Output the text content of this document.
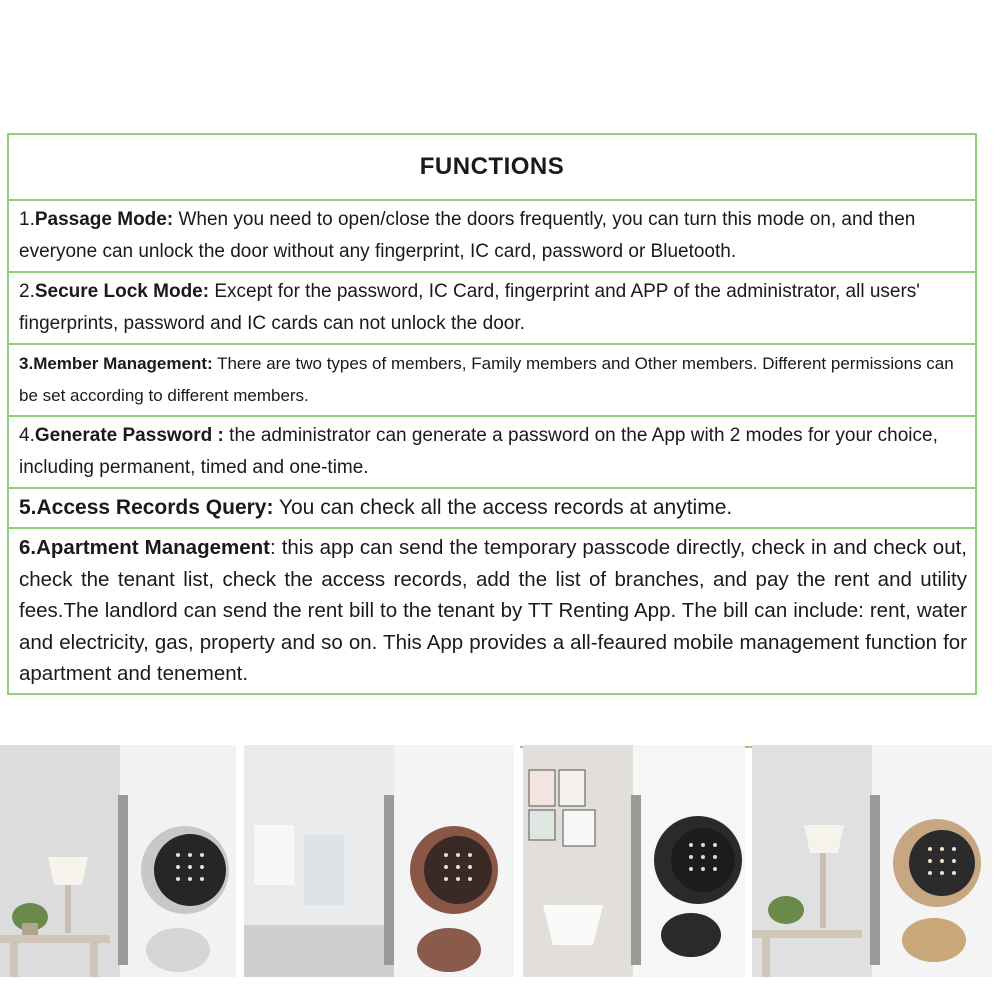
FUNCTIONS
1.Passage Mode: When you need to open/close the doors frequently, you can turn this mode on, and then everyone can unlock the door without any fingerprint, IC card, password or Bluetooth.
2.Secure Lock Mode: Except for the password, IC Card, fingerprint and APP of the administrator, all users' fingerprints, password and IC cards can not unlock the door.
3.Member Management: There are two types of members, Family members and Other members. Different permissions can be set according to different members.
4.Generate Password : the administrator can generate a password on the App with 2 modes for your choice, including permanent, timed and one-time.
5.Access Records Query: You can check all the access records at anytime.
6.Apartment Management: this app can send the temporary passcode directly, check in and check out, check the tenant list, check the access records, add the list of branches, and pay the rent and utility fees.The landlord can send the rent bill to the tenant by TT Renting App. The bill can include: rent, water and electricity, gas, property and so on. This App provides a all-feaured mobile management function for apartment and tenement.
